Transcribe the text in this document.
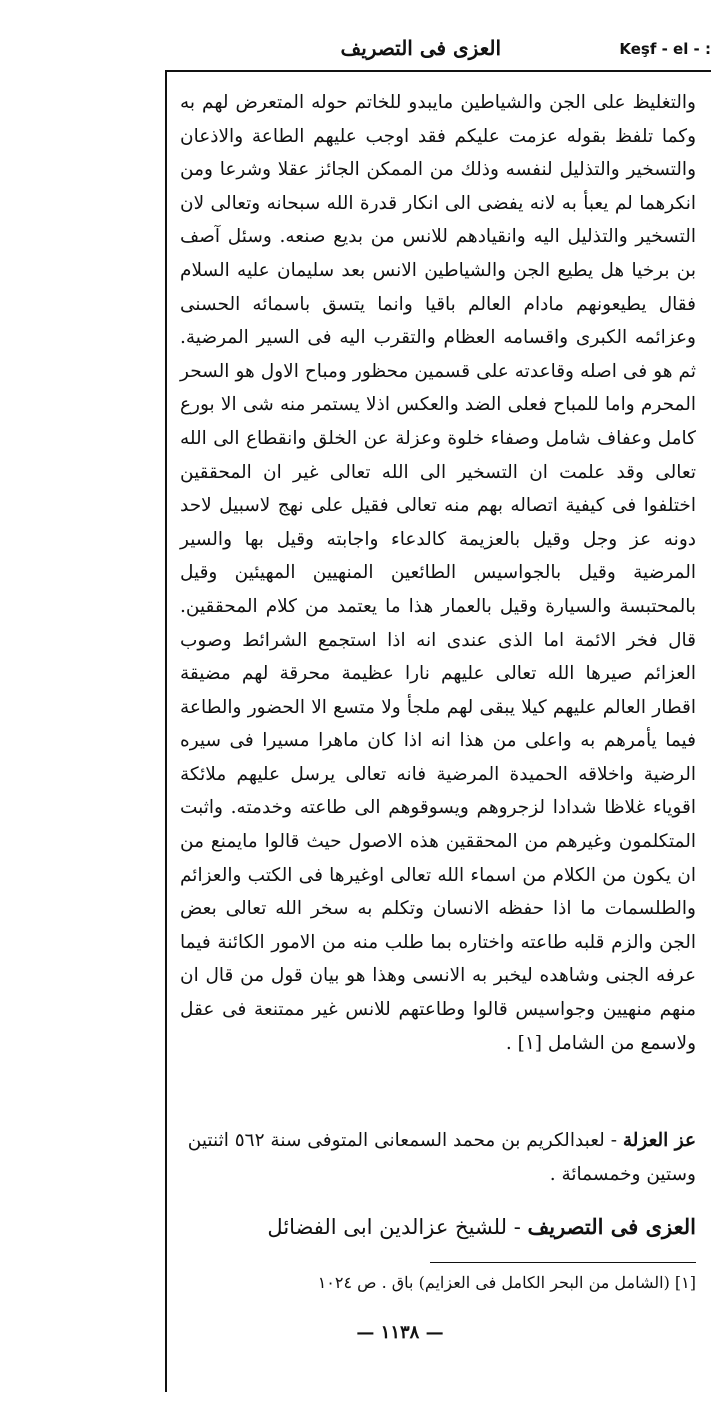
العزى فى التصريف	Keşf - el - :

والتغليظ على الجن والشياطين مايبدو للخاتم حوله المتعرض لهم به وكما تلفظ بقوله عزمت عليكم فقد اوجب عليهم الطاعة والاذعان والتسخير والتذليل لنفسه وذلك من الممكن الجائز عقلا وشرعا ومن انكرهما لم يعبأ به لانه يفضى الى انكار قدرة الله سبحانه وتعالى لان التسخير والتذليل اليه وانقيادهم للانس من بديع صنعه. وسئل آصف بن برخيا هل يطيع الجن والشياطين الانس بعد سليمان عليه السلام فقال يطيعونهم مادام العالم باقيا وانما يتسق باسمائه الحسنى وعزائمه الكبرى واقسامه العظام والتقرب اليه فى السير المرضية. ثم هو فى اصله وقاعدته على قسمين محظور ومباح الاول هو السحر المحرم واما للمباح فعلى الضد والعكس اذلا يستمر منه شى الا بورع كامل وعفاف شامل وصفاء خلوة وعزلة عن الخلق وانقطاع الى الله تعالى وقد علمت ان التسخير الى الله تعالى غير ان المحققين اختلفوا فى كيفية اتصاله بهم منه تعالى فقيل على نهج لاسبيل لاحد دونه عز وجل وقيل بالعزيمة كالدعاء واجابته وقيل بها والسير المرضية وقيل بالجواسيس الطائعين المنهيين المهيئين وقيل بالمحتبسة والسيارة وقيل بالعمار هذا ما يعتمد من كلام المحققين. قال فخر الائمة اما الذى عندى انه اذا استجمع الشرائط وصوب العزائم صيرها الله تعالى عليهم نارا عظيمة محرقة لهم مضيقة اقطار العالم عليهم كيلا يبقى لهم ملجأ ولا متسع الا الحضور والطاعة فيما يأمرهم به واعلى من هذا انه اذا كان ماهرا مسيرا فى سيره الرضية واخلاقه الحميدة المرضية فانه تعالى يرسل عليهم ملائكة اقوياء غلاظا شدادا لزجروهم ويسوقوهم الى طاعته وخدمته. واثبت المتكلمون وغيرهم من المحققين هذه الاصول حيث قالوا مايمنع من ان يكون من الكلام من اسماء الله تعالى اوغيرها فى الكتب والعزائم والطلسمات ما اذا حفظه الانسان وتكلم به سخر الله تعالى بعض الجن والزم قلبه طاعته واختاره بما طلب منه من الامور الكائنة فيما عرفه الجنى وشاهده ليخبر به الانسى وهذا هو بيان قول من قال ان منهم منهيين وجواسيس قالوا وطاعتهم للانس غير ممتنعة فى عقل ولاسمع من الشامل [١] .

عز العزلة - لعبدالكريم بن محمد السمعانى المتوفى سنة ٥٦٢ اثنتين وستين وخمسمائة .

العزى فى التصريف - للشيخ عزالدين ابى الفضائل

[١] (الشامل من البحر الكامل فى العزايم) باق . ص ١٠٢٤

— ١١٣٨ —
